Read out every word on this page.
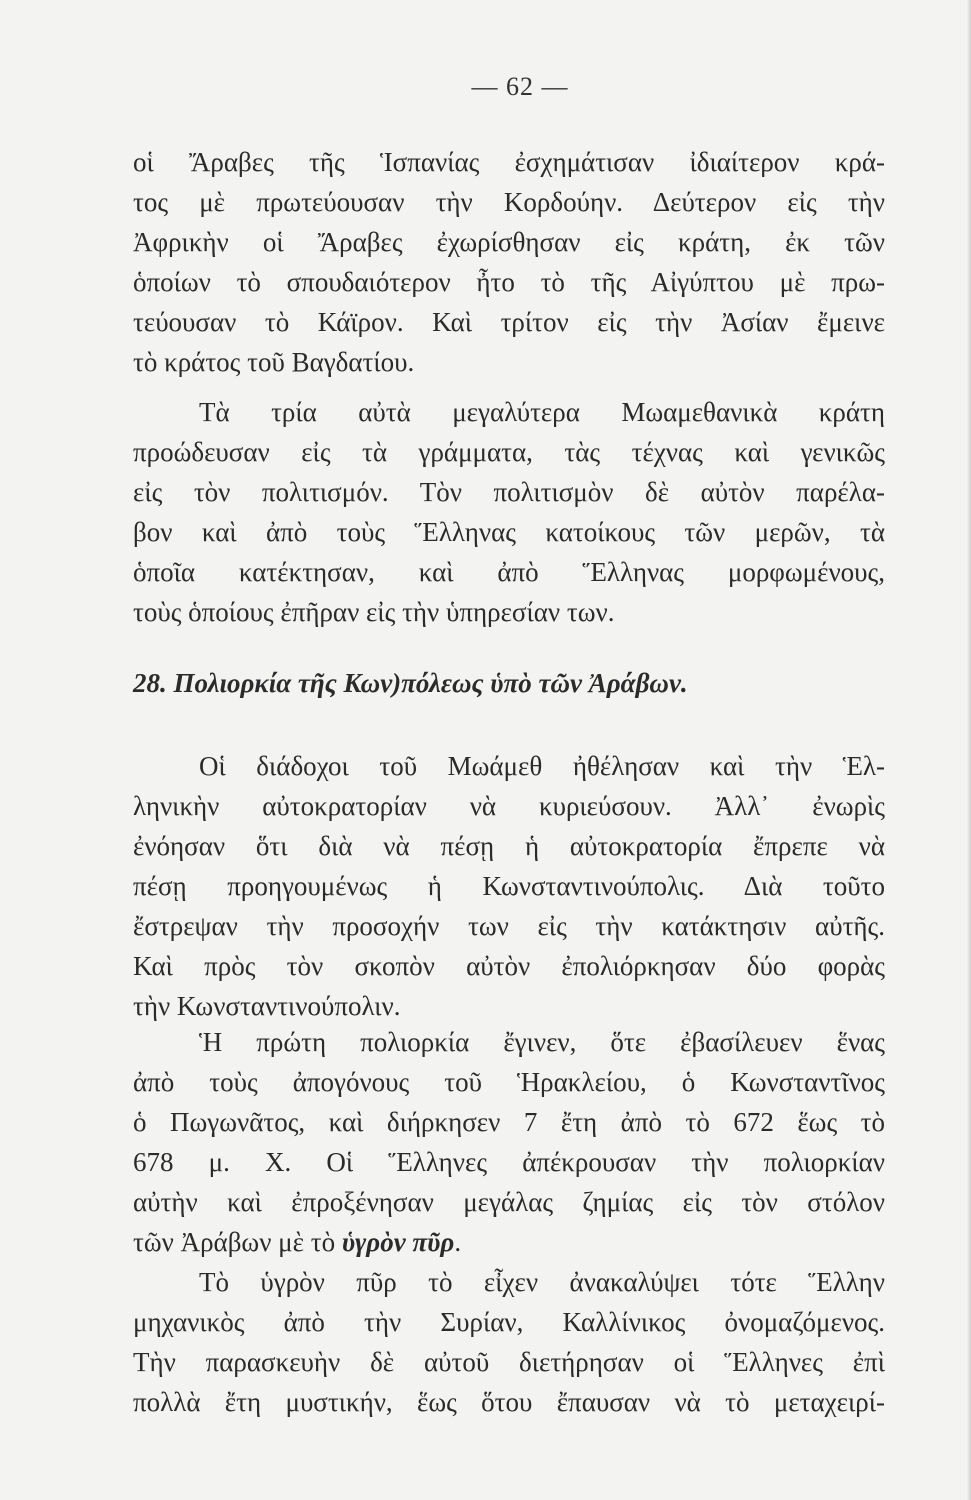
— 62 —
οἱ Ἄραβες τῆς Ἱσπανίας ἐσχημάτισαν ἰδιαίτερον κρά-
τος μὲ πρωτεύουσαν τὴν Κορδούην. Δεύτερον εἰς τὴν
Ἀφρικὴν οἱ Ἄραβες ἐχωρίσθησαν εἰς κράτη, ἐκ τῶν
ὁποίων τὸ σπουδαιότερον ἦτο τὸ τῆς Αἰγύπτου μὲ πρω-
τεύουσαν τὸ Κάϊρον. Καὶ τρίτον εἰς τὴν Ἀσίαν ἔμεινε
τὸ κράτος τοῦ Βαγδατίου.
Τὰ τρία αὐτὰ μεγαλύτερα Μωαμεθανικὰ κράτη
προώδευσαν εἰς τὰ γράμματα, τὰς τέχνας καὶ γενικῶς
εἰς τὸν πολιτισμόν. Τὸν πολιτισμὸν δὲ αὐτὸν παρέλα-
βον καὶ ἀπὸ τοὺς Ἕλληνας κατοίκους τῶν μερῶν, τὰ
ὁποῖα κατέκτησαν, καὶ ἀπὸ Ἕλληνας μορφωμένους,
τοὺς ὁποίους ἐπῆραν εἰς τὴν ὑπηρεσίαν των.
28. Πολιορκία τῆς Κων)πόλεως ὑπὸ τῶν Ἀράβων.
Οἱ διάδοχοι τοῦ Μωάμεθ ἠθέλησαν καὶ τὴν Ἑλ-
ληνικὴν αὐτοκρατορίαν νὰ κυριεύσουν. Ἀλλ᾽ ἐνωρὶς
ἐνόησαν ὅτι διὰ νὰ πέσῃ ἡ αὐτοκρατορία ἔπρεπε νὰ
πέσῃ προηγουμένως ἡ Κωνσταντινούπολις. Διὰ τοῦτο
ἔστρεψαν τὴν προσοχήν των εἰς τὴν κατάκτησιν αὐτῆς.
Καὶ πρὸς τὸν σκοπὸν αὐτὸν ἐπολιόρκησαν δύο φορὰς
τὴν Κωνσταντινούπολιν.
Ἡ πρώτη πολιορκία ἔγινεν, ὅτε ἐβασίλευεν ἕνας
ἀπὸ τοὺς ἀπογόνους τοῦ Ἡρακλείου, ὁ Κωνσταντῖνος
ὁ Πωγωνᾶτος, καὶ διήρκησεν 7 ἔτη ἀπὸ τὸ 672 ἕως τὸ
678 μ. Χ. Οἱ Ἕλληνες ἀπέκρουσαν τὴν πολιορκίαν
αὐτὴν καὶ ἐπροξένησαν μεγάλας ζημίας εἰς τὸν στόλον
τῶν Ἀράβων μὲ τὸ ὑγρὸν πῦρ.
Τὸ ὑγρὸν πῦρ τὸ εἶχεν ἀνακαλύψει τότε Ἕλλην
μηχανικὸς ἀπὸ τὴν Συρίαν, Καλλίνικος ὀνομαζόμενος.
Τὴν παρασκευὴν δὲ αὐτοῦ διετήρησαν οἱ Ἕλληνες ἐπὶ
πολλὰ ἔτη μυστικήν, ἕως ὅτου ἔπαυσαν νὰ τὸ μεταχειρί-
